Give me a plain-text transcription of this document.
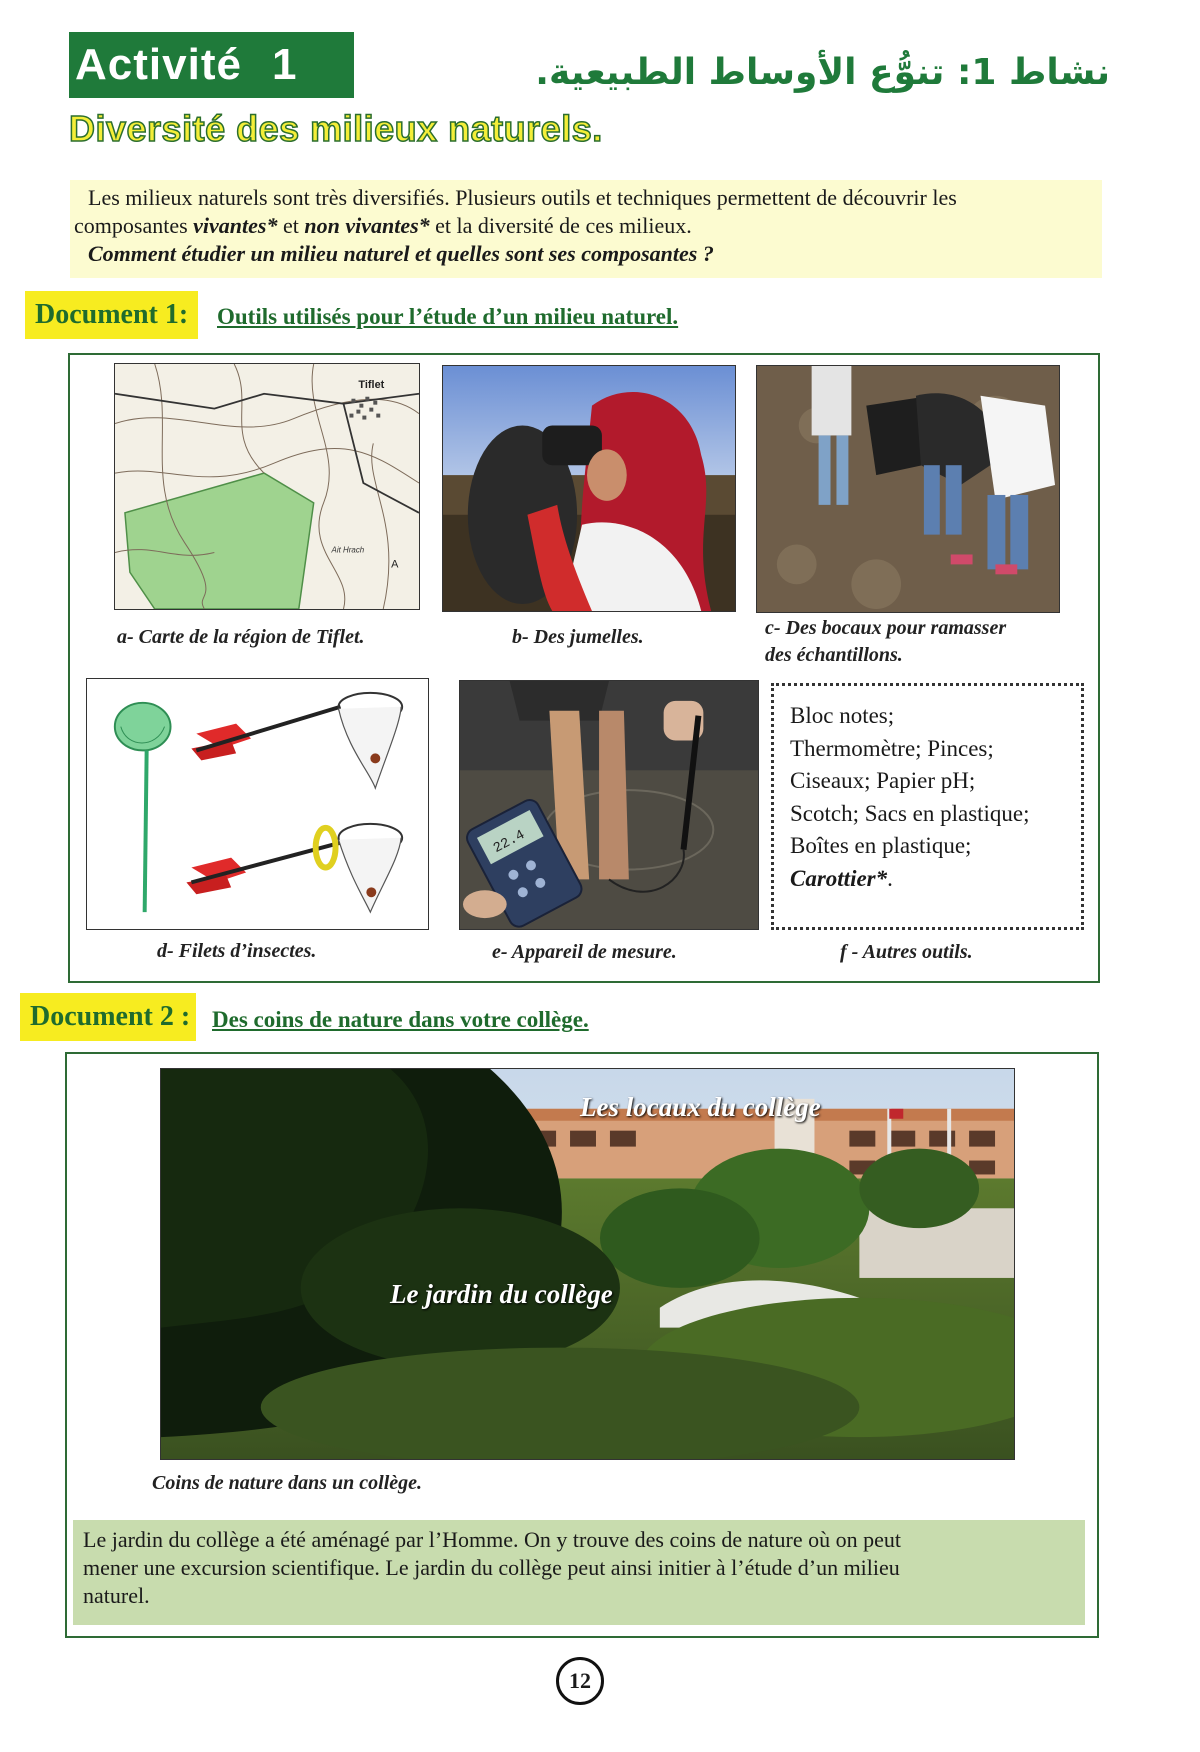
Activité 1
Diversité des milieux naturels.
نشاط 1: تنوُّع الأوساط الطبيعية.

Les milieux naturels sont très diversifiés. Plusieurs outils et techniques permettent de découvrir les

composantes vivantes* et non vivantes* et la diversité de ces milieux.

Comment étudier un milieu naturel et quelles sont ses composantes ?

Document 1:	Outils utilisés pour l’étude d’un milieu naturel.
Tiflet
Ait Hrach
A
a- Carte de la région de Tiflet.	b- Des jumelles.	c- Des bocaux pour ramasser
des échantillons.
d- Filets d’insectes.
22.4
e- Appareil de mesure.
Bloc notes;
Thermomètre; Pinces;
Ciseaux; Papier pH;
Scotch; Sacs en plastique;
Boîtes en plastique;
Carottier*.
f - Autres outils.
Document 2 : Des coins de nature dans votre collège.
Les locaux du collège
Le jardin du collège
Coins de nature dans un collège.

Le jardin du collège a été aménagé par l’Homme. On y trouve des coins de nature où on peut

mener une excursion scientifique. Le jardin du collège peut ainsi initier à l’étude d’un milieu

naturel.

12
